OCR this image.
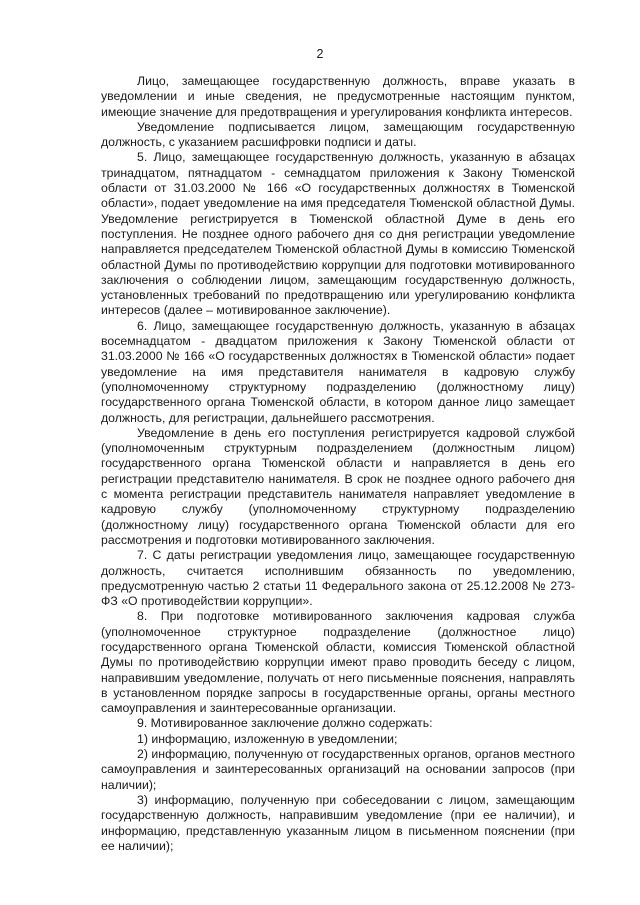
2

Лицо, замещающее государственную должность, вправе указать в уведомлении и иные сведения, не предусмотренные настоящим пунктом, имеющие значение для предотвращения и урегулирования конфликта интересов.

Уведомление подписывается лицом, замещающим государственную должность, с указанием расшифровки подписи и даты.

5. Лицо, замещающее государственную должность, указанную в абзацах тринадцатом, пятнадцатом - семнадцатом приложения к Закону Тюменской области от 31.03.2000 № 166 «О государственных должностях в Тюменской области», подает уведомление на имя председателя Тюменской областной Думы. Уведомление регистрируется в Тюменской областной Думе в день его поступления. Не позднее одного рабочего дня со дня регистрации уведомление направляется председателем Тюменской областной Думы в комиссию Тюменской областной Думы по противодействию коррупции для подготовки мотивированного заключения о соблюдении лицом, замещающим государственную должность, установленных требований по предотвращению или урегулированию конфликта интересов (далее – мотивированное заключение).

6. Лицо, замещающее государственную должность, указанную в абзацах восемнадцатом - двадцатом приложения к Закону Тюменской области от 31.03.2000 № 166 «О государственных должностях в Тюменской области» подает уведомление на имя представителя нанимателя в кадровую службу (уполномоченному структурному подразделению (должностному лицу) государственного органа Тюменской области, в котором данное лицо замещает должность, для регистрации, дальнейшего рассмотрения.

Уведомление в день его поступления регистрируется кадровой службой (уполномоченным структурным подразделением (должностным лицом) государственного органа Тюменской области и направляется в день его регистрации представителю нанимателя. В срок не позднее одного рабочего дня с момента регистрации представитель нанимателя направляет уведомление в кадровую службу (уполномоченному структурному подразделению (должностному лицу) государственного органа Тюменской области для его рассмотрения и подготовки мотивированного заключения.

7. С даты регистрации уведомления лицо, замещающее государственную должность, считается исполнившим обязанность по уведомлению, предусмотренную частью 2 статьи 11 Федерального закона от 25.12.2008 № 273-ФЗ «О противодействии коррупции».

8. При подготовке мотивированного заключения кадровая служба (уполномоченное структурное подразделение (должностное лицо) государственного органа Тюменской области, комиссия Тюменской областной Думы по противодействию коррупции имеют право проводить беседу с лицом, направившим уведомление, получать от него письменные пояснения, направлять в установленном порядке запросы в государственные органы, органы местного самоуправления и заинтересованные организации.

9. Мотивированное заключение должно содержать:

1) информацию, изложенную в уведомлении;

2) информацию, полученную от государственных органов, органов местного самоуправления и заинтересованных организаций на основании запросов (при наличии);

3) информацию, полученную при собеседовании с лицом, замещающим государственную должность, направившим уведомление (при ее наличии), и информацию, представленную указанным лицом в письменном пояснении (при ее наличии);
